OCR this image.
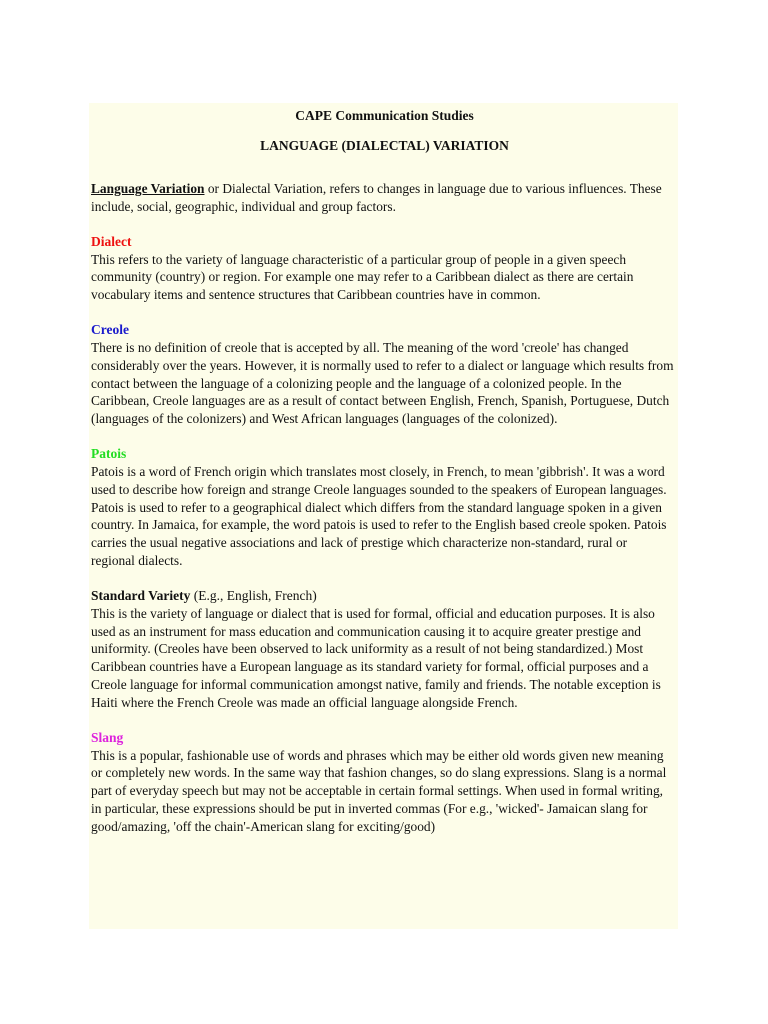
CAPE Communication Studies
LANGUAGE (DIALECTAL) VARIATION

Language Variation or Dialectal Variation, refers to changes in language due to various influences. These include, social, geographic, individual and group factors.

Dialect

This refers to the variety of language characteristic of a particular group of people in a given speech community (country) or region. For example one may refer to a Caribbean dialect as there are certain vocabulary items and sentence structures that Caribbean countries have in common.

Creole

There is no definition of creole that is accepted by all. The meaning of the word 'creole' has changed considerably over the years. However, it is normally used to refer to a dialect or language which results from contact between the language of a colonizing people and the language of a colonized people. In the Caribbean, Creole languages are as a result of contact between English, French, Spanish, Portuguese, Dutch (languages of the colonizers) and West African languages (languages of the colonized).

Patois

Patois is a word of French origin which translates most closely, in French, to mean 'gibbrish'. It was a word used to describe how foreign and strange Creole languages sounded to the speakers of European languages. Patois is used to refer to a geographical dialect which differs from the standard language spoken in a given country. In Jamaica, for example, the word patois is used to refer to the English based creole spoken. Patois carries the usual negative associations and lack of prestige which characterize non-standard, rural or regional dialects.

Standard Variety (E.g., English, French)

This is the variety of language or dialect that is used for formal, official and education purposes. It is also used as an instrument for mass education and communication causing it to acquire greater prestige and uniformity. (Creoles have been observed to lack uniformity as a result of not being standardized.) Most Caribbean countries have a European language as its standard variety for formal, official purposes and a Creole language for informal communication amongst native, family and friends. The notable exception is Haiti where the French Creole was made an official language alongside French.

Slang

This is a popular, fashionable use of words and phrases which may be either old words given new meaning or completely new words. In the same way that fashion changes, so do slang expressions. Slang is a normal part of everyday speech but may not be acceptable in certain formal settings. When used in formal writing, in particular, these expressions should be put in inverted commas (For e.g., 'wicked'- Jamaican slang for good/amazing, 'off the chain'-American slang for exciting/good)
